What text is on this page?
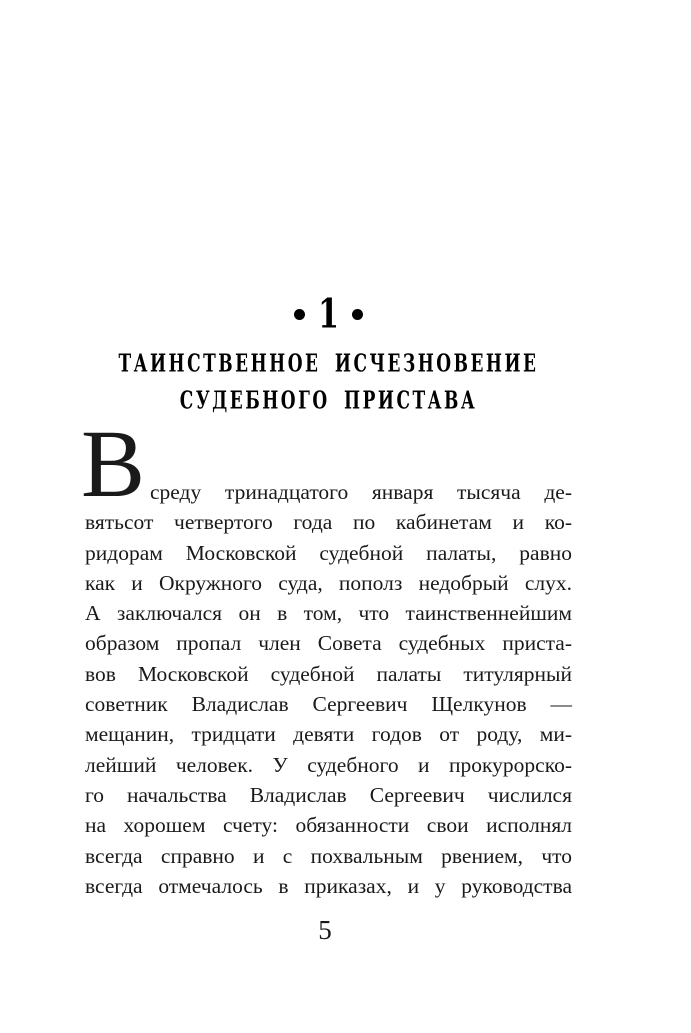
1
ТАИНСТВЕННОЕ ИСЧЕЗНОВЕНИЕ
СУДЕБНОГО ПРИСТАВА
В среду тринадцатого января тысяча де-
вятьсот четвертого года по кабинетам и ко-
ридорам Московской судебной палаты, равно
как и Окружного суда, пополз недобрый слух.
А заключался он в том, что таинственнейшим
образом пропал член Совета судебных приста-
вов Московской судебной палаты титулярный
советник Владислав Сергеевич Щелкунов —
мещанин, тридцати девяти годов от роду, ми-
лейший человек. У судебного и прокурорско-
го начальства Владислав Сергеевич числился
на хорошем счету: обязанности свои исполнял
всегда справно и с похвальным рвением, что
всегда отмечалось в приказах, и у руководства
5
